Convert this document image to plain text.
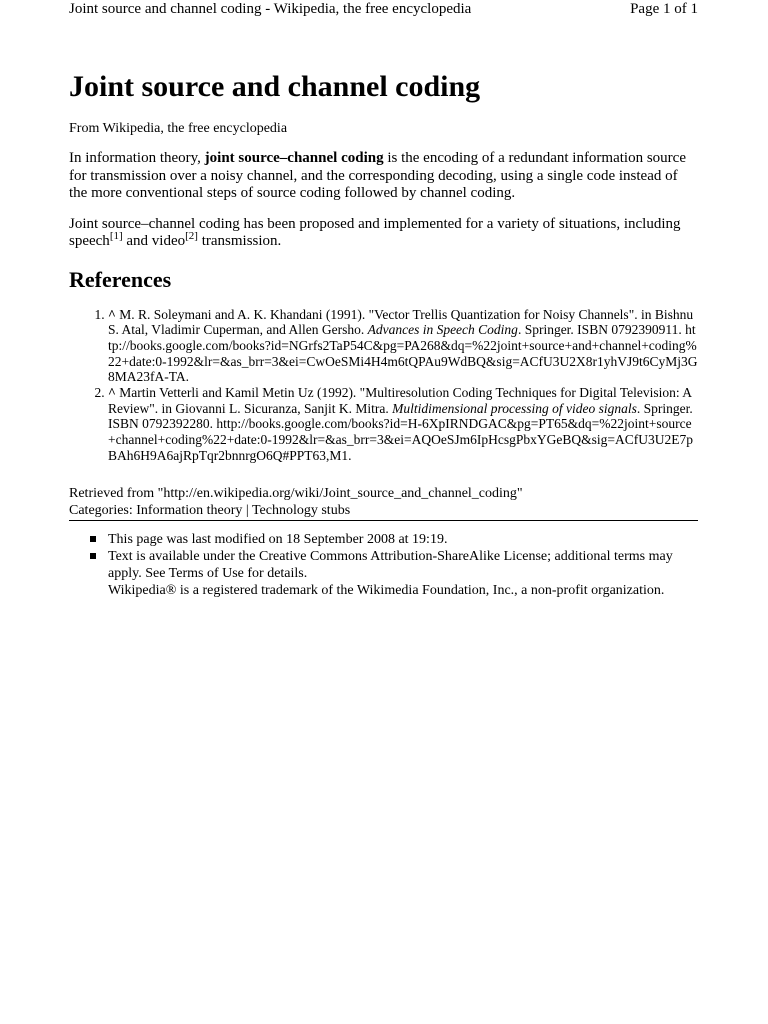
Joint source and channel coding - Wikipedia, the free encyclopedia	Page 1 of 1
Joint source and channel coding
From Wikipedia, the free encyclopedia

In information theory, joint source–channel coding is the encoding of a redundant information source for transmission over a noisy channel, and the corresponding decoding, using a single code instead of the more conventional steps of source coding followed by channel coding.

Joint source–channel coding has been proposed and implemented for a variety of situations, including speech[1] and video[2] transmission.

References
1. ^ M. R. Soleymani and A. K. Khandani (1991). "Vector Trellis Quantization for Noisy Channels". in Bishnu S. Atal, Vladimir Cuperman, and Allen Gersho. Advances in Speech Coding. Springer. ISBN 0792390911. http://books.google.com/books?id=NGrfs2TaP54C&pg=PA268&dq=%22joint+source+and+channel+coding%22+date:0-1992&lr=&as_brr=3&ei=CwOeSMi4H4m6tQPAu9WdBQ&sig=ACfU3U2X8r1yhVJ9t6CyMj3G8MA23fA-TA.
2. ^ Martin Vetterli and Kamil Metin Uz (1992). "Multiresolution Coding Techniques for Digital Television: A Review". in Giovanni L. Sicuranza, Sanjit K. Mitra. Multidimensional processing of video signals. Springer. ISBN 0792392280. http://books.google.com/books?id=H-6XpIRNDGAC&pg=PT65&dq=%22joint+source+channel+coding%22+date:0-1992&lr=&as_brr=3&ei=AQOeSJm6IpHcsgPbxYGeBQ&sig=ACfU3U2E7pBAh6H9A6ajRpTqr2bnnrgO6Q#PPT63,M1.
Retrieved from "http://en.wikipedia.org/wiki/Joint_source_and_channel_coding"
Categories: Information theory | Technology stubs
This page was last modified on 18 September 2008 at 19:19.
Text is available under the Creative Commons Attribution-ShareAlike License; additional terms may apply. See Terms of Use for details.
Wikipedia® is a registered trademark of the Wikimedia Foundation, Inc., a non-profit organization.
